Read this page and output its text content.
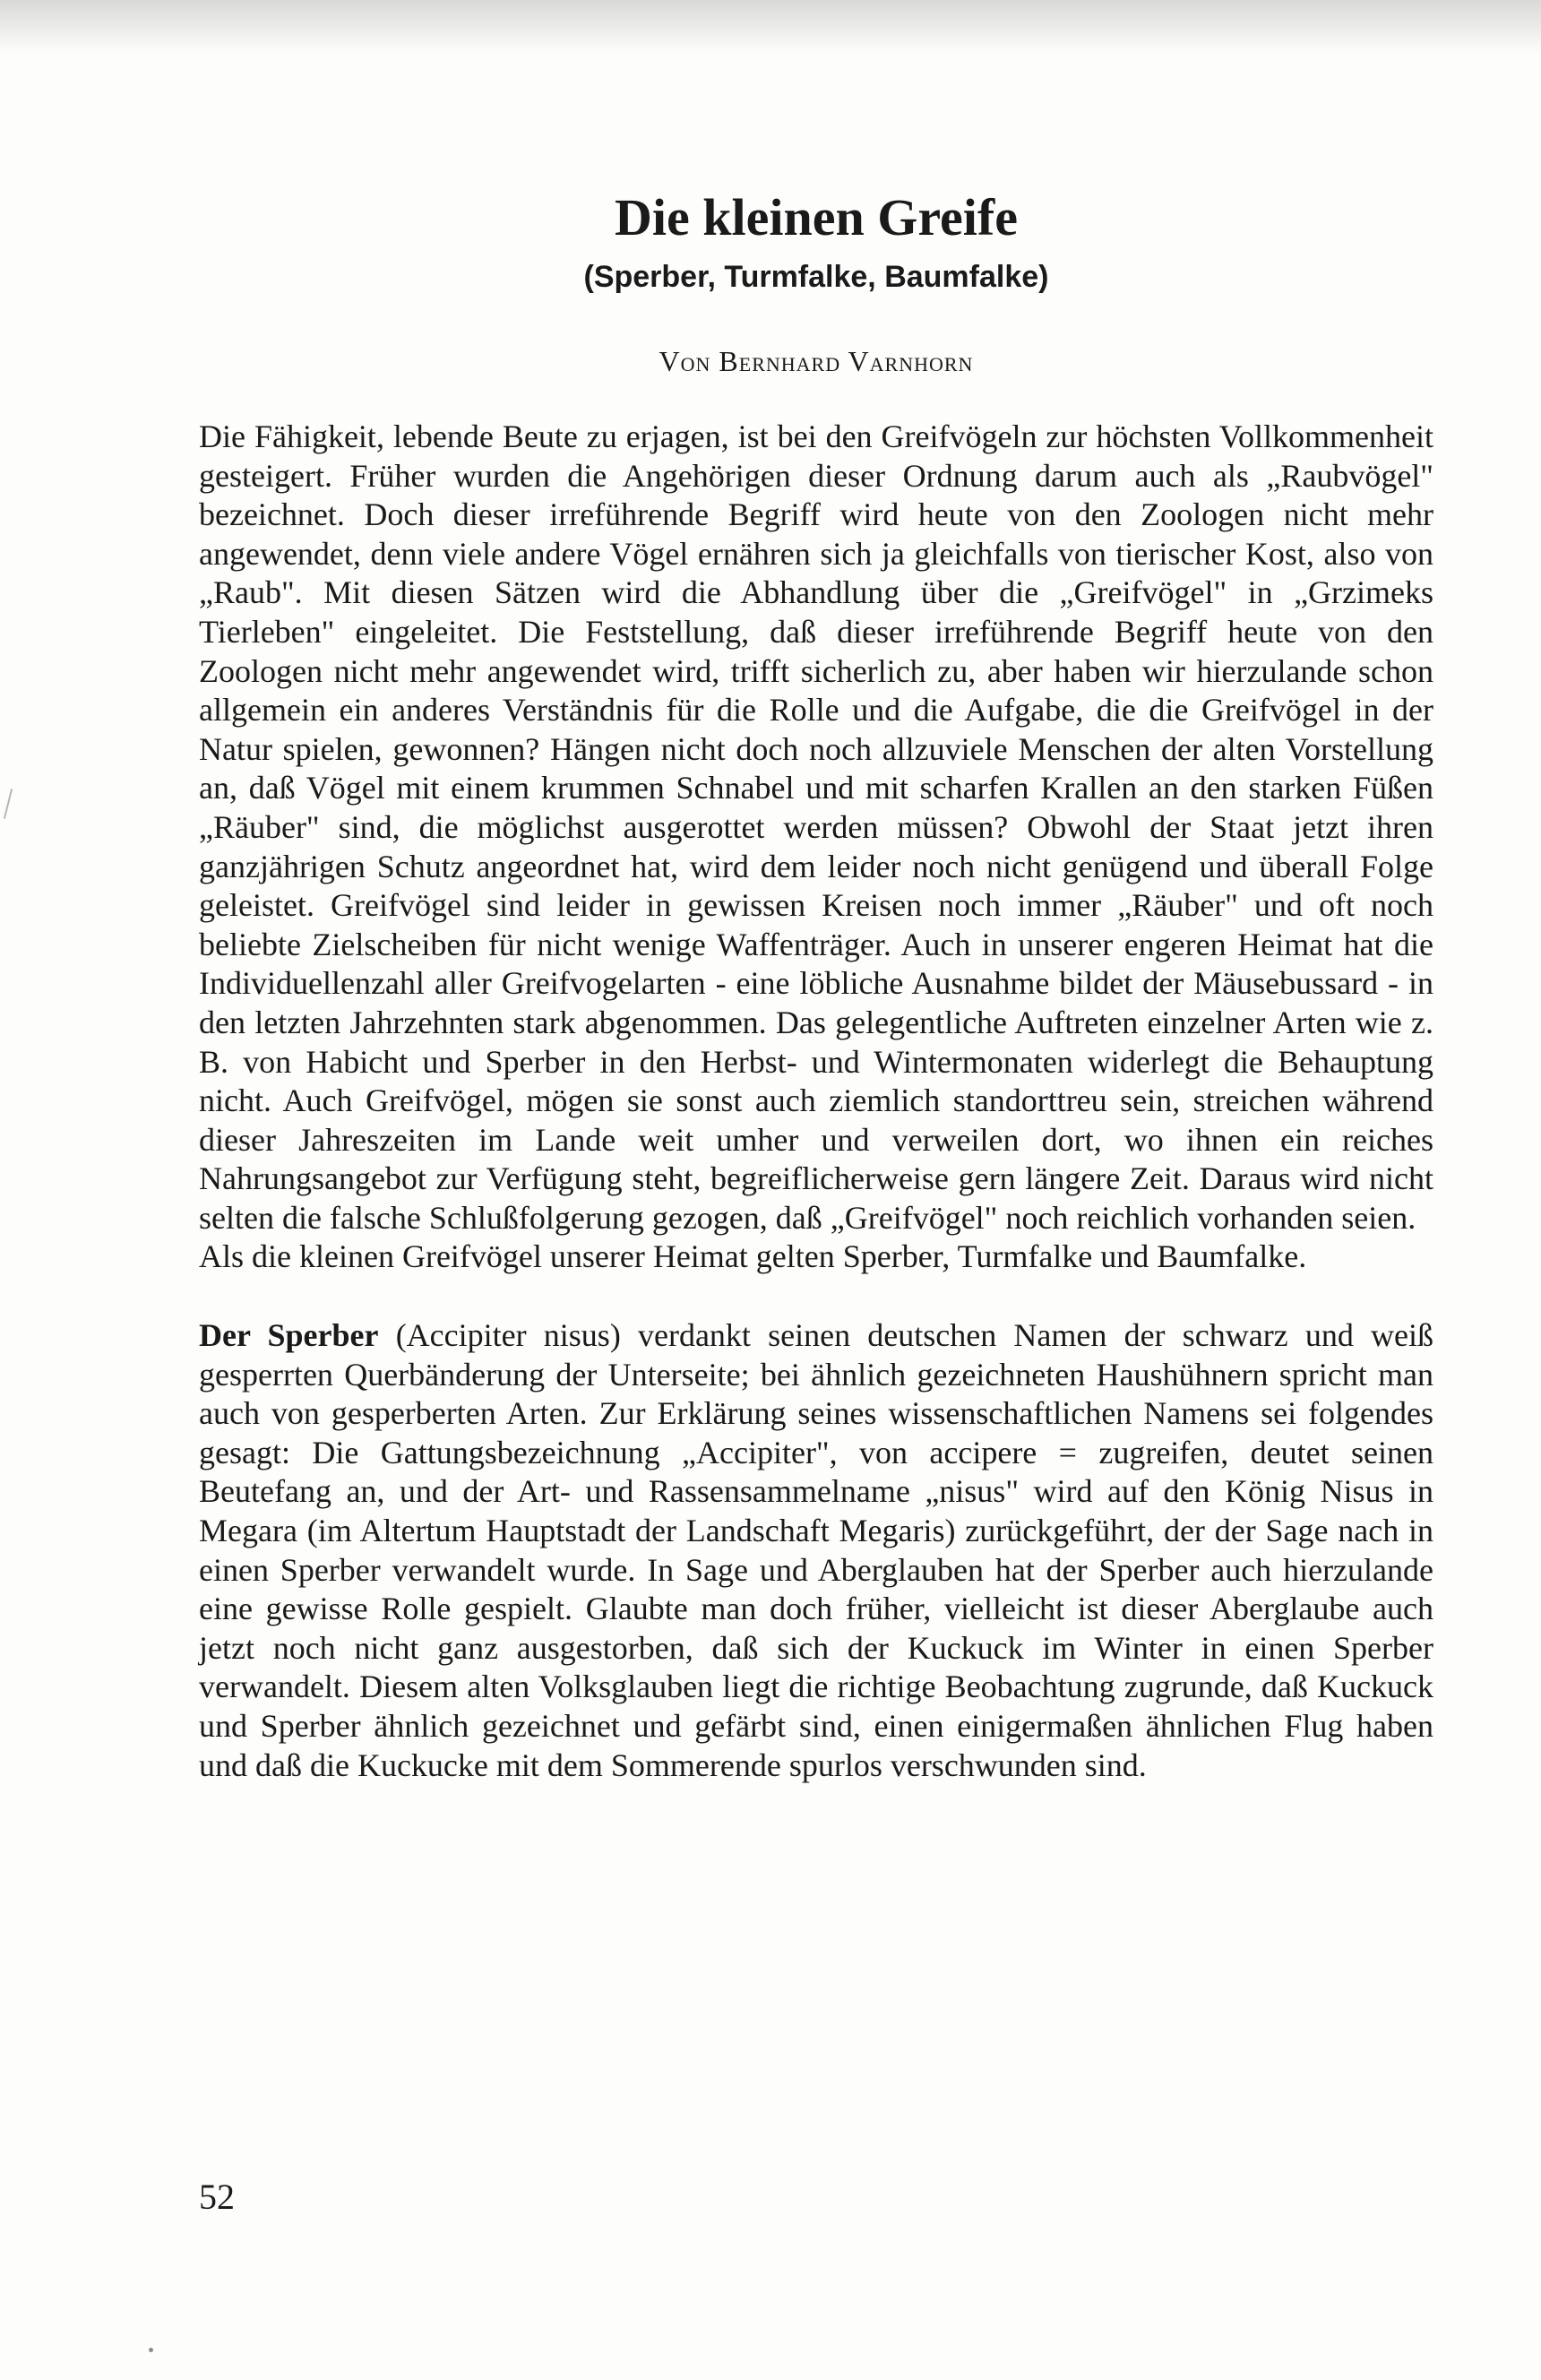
Die kleinen Greife
(Sperber, Turmfalke, Baumfalke)
Von Bernhard Varnhorn

Die Fähigkeit, lebende Beute zu erjagen, ist bei den Greifvögeln zur höchsten Vollkommenheit gesteigert. Früher wurden die Angehörigen dieser Ordnung darum auch als „Raubvögel" bezeichnet. Doch dieser irreführende Begriff wird heute von den Zoologen nicht mehr angewendet, denn viele andere Vögel ernähren sich ja gleichfalls von tierischer Kost, also von „Raub". Mit diesen Sätzen wird die Abhandlung über die „Greifvögel" in „Grzimeks Tierleben" eingeleitet. Die Feststellung, daß dieser irreführende Begriff heute von den Zoologen nicht mehr angewendet wird, trifft sicherlich zu, aber haben wir hierzulande schon allgemein ein anderes Verständnis für die Rolle und die Aufgabe, die die Greifvögel in der Natur spielen, gewonnen? Hängen nicht doch noch allzuviele Menschen der alten Vorstellung an, daß Vögel mit einem krummen Schnabel und mit scharfen Krallen an den starken Füßen „Räuber" sind, die möglichst ausgerottet werden müssen? Obwohl der Staat jetzt ihren ganzjährigen Schutz angeordnet hat, wird dem leider noch nicht genügend und überall Folge geleistet. Greifvögel sind leider in gewissen Kreisen noch immer „Räuber" und oft noch beliebte Zielscheiben für nicht wenige Waffenträger. Auch in unserer engeren Heimat hat die Individuellenzahl aller Greifvogelarten - eine löbliche Ausnahme bildet der Mäusebussard - in den letzten Jahrzehnten stark abgenommen. Das gelegentliche Auftreten einzelner Arten wie z. B. von Habicht und Sperber in den Herbst- und Wintermonaten widerlegt die Behauptung nicht. Auch Greifvögel, mögen sie sonst auch ziemlich standorttreu sein, streichen während dieser Jahreszeiten im Lande weit umher und verweilen dort, wo ihnen ein reiches Nahrungsangebot zur Verfügung steht, begreiflicherweise gern längere Zeit. Daraus wird nicht selten die falsche Schlußfolgerung gezogen, daß „Greifvögel" noch reichlich vorhanden seien.

Als die kleinen Greifvögel unserer Heimat gelten Sperber, Turmfalke und Baumfalke.

Der Sperber (Accipiter nisus) verdankt seinen deutschen Namen der schwarz und weiß gesperrten Querbänderung der Unterseite; bei ähnlich gezeichneten Haushühnern spricht man auch von gesperberten Arten. Zur Erklärung seines wissenschaftlichen Namens sei folgendes gesagt: Die Gattungsbezeichnung „Accipiter", von accipere = zugreifen, deutet seinen Beutefang an, und der Art- und Rassensammelname „nisus" wird auf den König Nisus in Megara (im Altertum Hauptstadt der Landschaft Megaris) zurückgeführt, der der Sage nach in einen Sperber verwandelt wurde. In Sage und Aberglauben hat der Sperber auch hierzulande eine gewisse Rolle gespielt. Glaubte man doch früher, vielleicht ist dieser Aberglaube auch jetzt noch nicht ganz ausgestorben, daß sich der Kuckuck im Winter in einen Sperber verwandelt. Diesem alten Volksglauben liegt die richtige Beobachtung zugrunde, daß Kuckuck und Sperber ähnlich gezeichnet und gefärbt sind, einen einigermaßen ähnlichen Flug haben und daß die Kuckucke mit dem Sommerende spurlos verschwunden sind.

52
